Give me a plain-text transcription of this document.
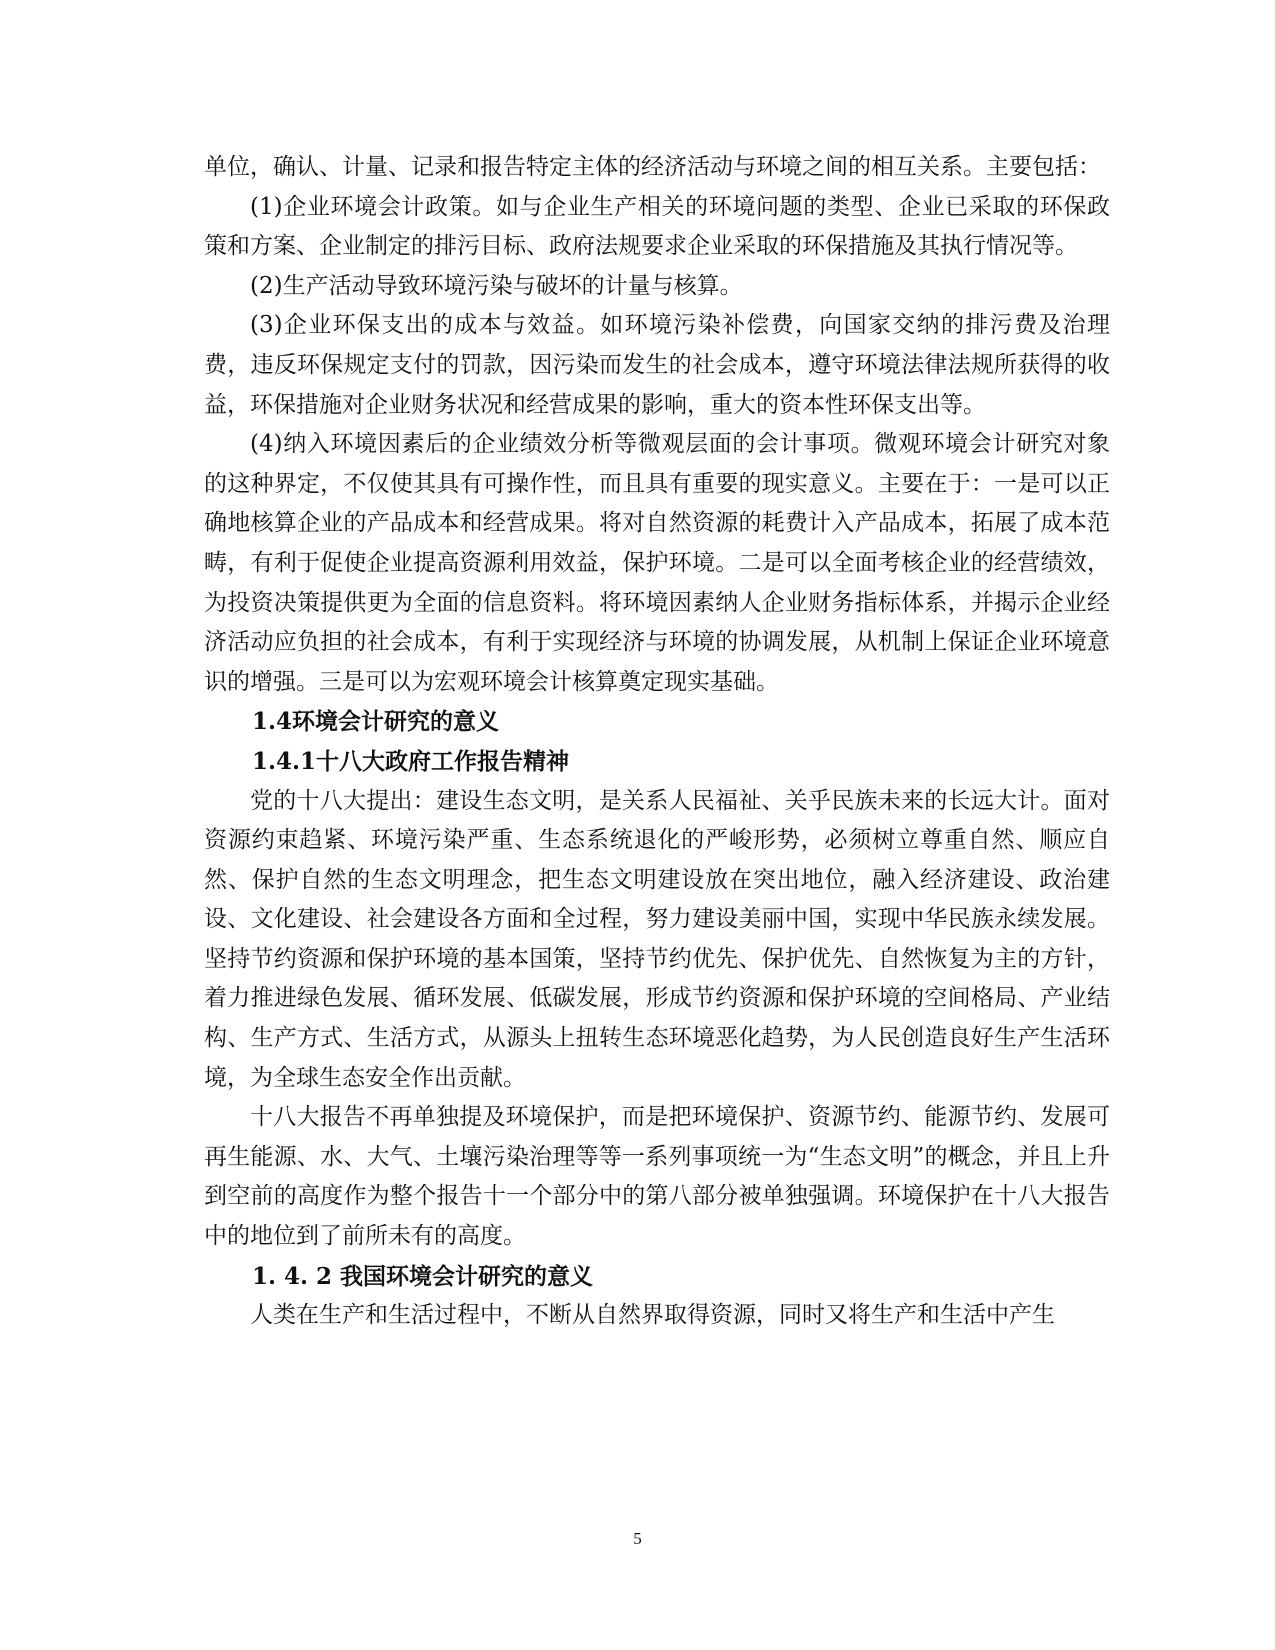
单位，确认、计量、记录和报告特定主体的经济活动与环境之间的相互关系。主要包括：

(1)企业环境会计政策。如与企业生产相关的环境问题的类型、企业已采取的环保政策和方案、企业制定的排污目标、政府法规要求企业采取的环保措施及其执行情况等。

(2)生产活动导致环境污染与破坏的计量与核算。

(3)企业环保支出的成本与效益。如环境污染补偿费，向国家交纳的排污费及治理费，违反环保规定支付的罚款，因污染而发生的社会成本，遵守环境法律法规所获得的收益，环保措施对企业财务状况和经营成果的影响，重大的资本性环保支出等。

(4)纳入环境因素后的企业绩效分析等微观层面的会计事项。微观环境会计研究对象的这种界定，不仅使其具有可操作性，而且具有重要的现实意义。主要在于：一是可以正确地核算企业的产品成本和经营成果。将对自然资源的耗费计入产品成本，拓展了成本范畴，有利于促使企业提高资源利用效益，保护环境。二是可以全面考核企业的经营绩效，为投资决策提供更为全面的信息资料。将环境因素纳人企业财务指标体系，并揭示企业经济活动应负担的社会成本，有利于实现经济与环境的协调发展，从机制上保证企业环境意识的增强。三是可以为宏观环境会计核算奠定现实基础。

1.4环境会计研究的意义
1.4.1十八大政府工作报告精神

党的十八大提出：建设生态文明，是关系人民福祉、关乎民族未来的长远大计。面对资源约束趋紧、环境污染严重、生态系统退化的严峻形势，必须树立尊重自然、顺应自然、保护自然的生态文明理念，把生态文明建设放在突出地位，融入经济建设、政治建设、文化建设、社会建设各方面和全过程，努力建设美丽中国，实现中华民族永续发展。坚持节约资源和保护环境的基本国策，坚持节约优先、保护优先、自然恢复为主的方针，着力推进绿色发展、循环发展、低碳发展，形成节约资源和保护环境的空间格局、产业结构、生产方式、生活方式，从源头上扭转生态环境恶化趋势，为人民创造良好生产生活环境，为全球生态安全作出贡献。

十八大报告不再单独提及环境保护，而是把环境保护、资源节约、能源节约、发展可再生能源、水、大气、土壤污染治理等等一系列事项统一为“生态文明”的概念，并且上升到空前的高度作为整个报告十一个部分中的第八部分被单独强调。环境保护在十八大报告中的地位到了前所未有的高度。

1. 4. 2 我国环境会计研究的意义

人类在生产和生活过程中，不断从自然界取得资源，同时又将生产和生活中产生

5
